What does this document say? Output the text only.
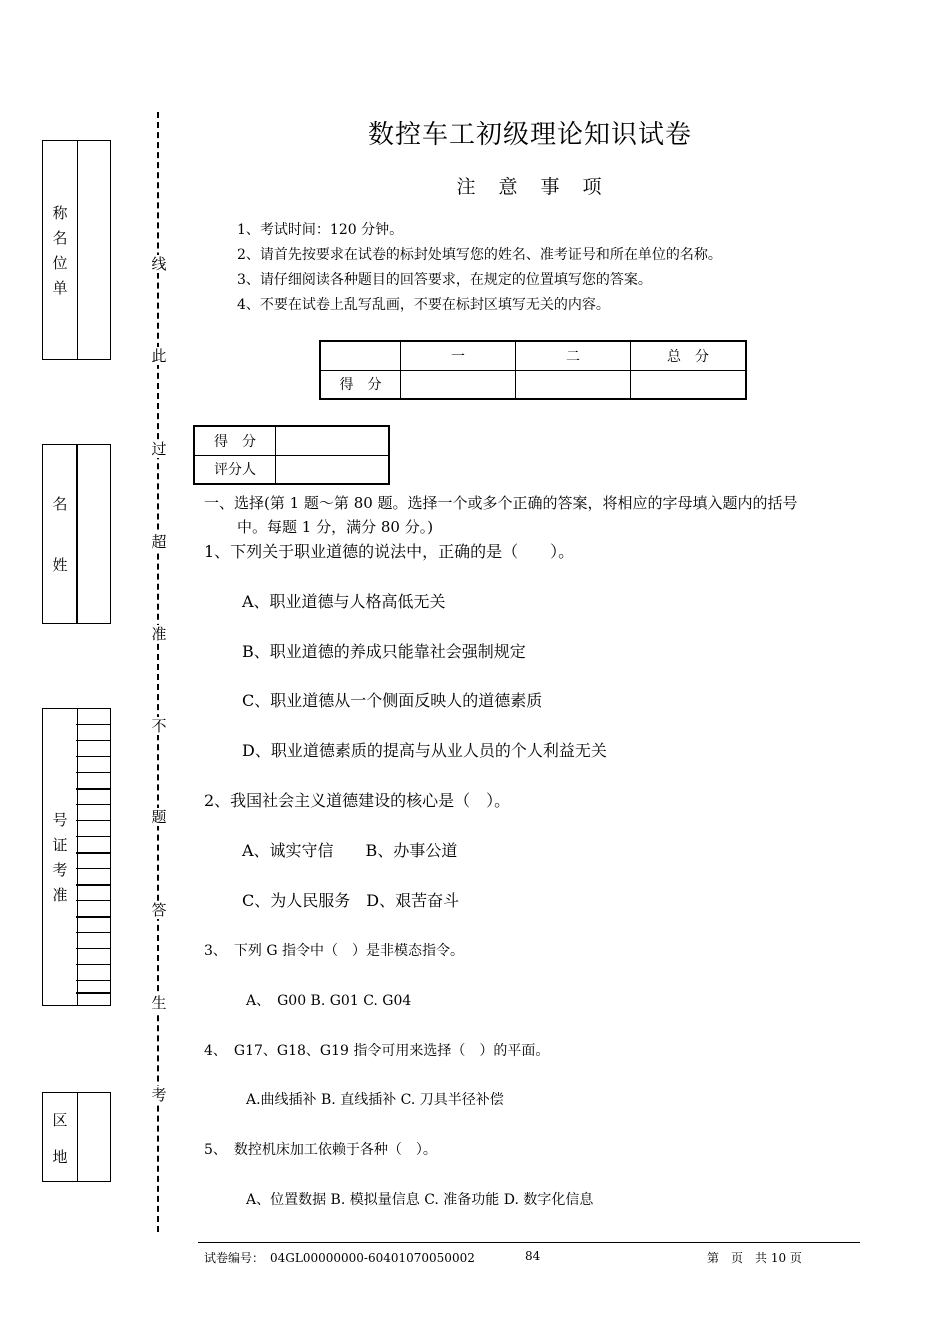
称
名
位
单
名
姓
号
证
考
准
区
地
线
此
过
超
准
不
题
答
生
考
数控车工初级理论知识试卷
注　意　事　项
1、考试时间：120 分钟。
2、请首先按要求在试卷的标封处填写您的姓名、准考证号和所在单位的名称。
3、请仔细阅读各种题目的回答要求，在规定的位置填写您的答案。
4、不要在试卷上乱写乱画，不要在标封区填写无关的内容。
	一	二	总　分
得　分			
得　分	
评分人	
一、选择(第 1 题～第 80 题。选择一个或多个正确的答案，将相应的字母填入题内的括号
中。每题 1 分，满分 80 分。)
1、下列关于职业道德的说法中，正确的是（　　）。
A、职业道德与人格高低无关
B、职业道德的养成只能靠社会强制规定
C、职业道德从一个侧面反映人的道德素质
D、职业道德素质的提高与从业人员的个人利益无关
2、我国社会主义道德建设的核心是（　）。
A、诚实守信　　B、办事公道
C、为人民服务　D、艰苦奋斗
3、　下列 G 指令中（　）是非模态指令。
A、　G00 B. G01 C. G04
4、　G17、G18、G19 指令可用来选择（　）的平面。
A.曲线插补 B. 直线插补 C. 刀具半径补偿
5、　数控机床加工依赖于各种（　）。
A、位置数据 B. 模拟量信息 C. 准备功能 D. 数字化信息
试卷编号：　04GL00000000-60401070050002	84	第　页　共 10 页
